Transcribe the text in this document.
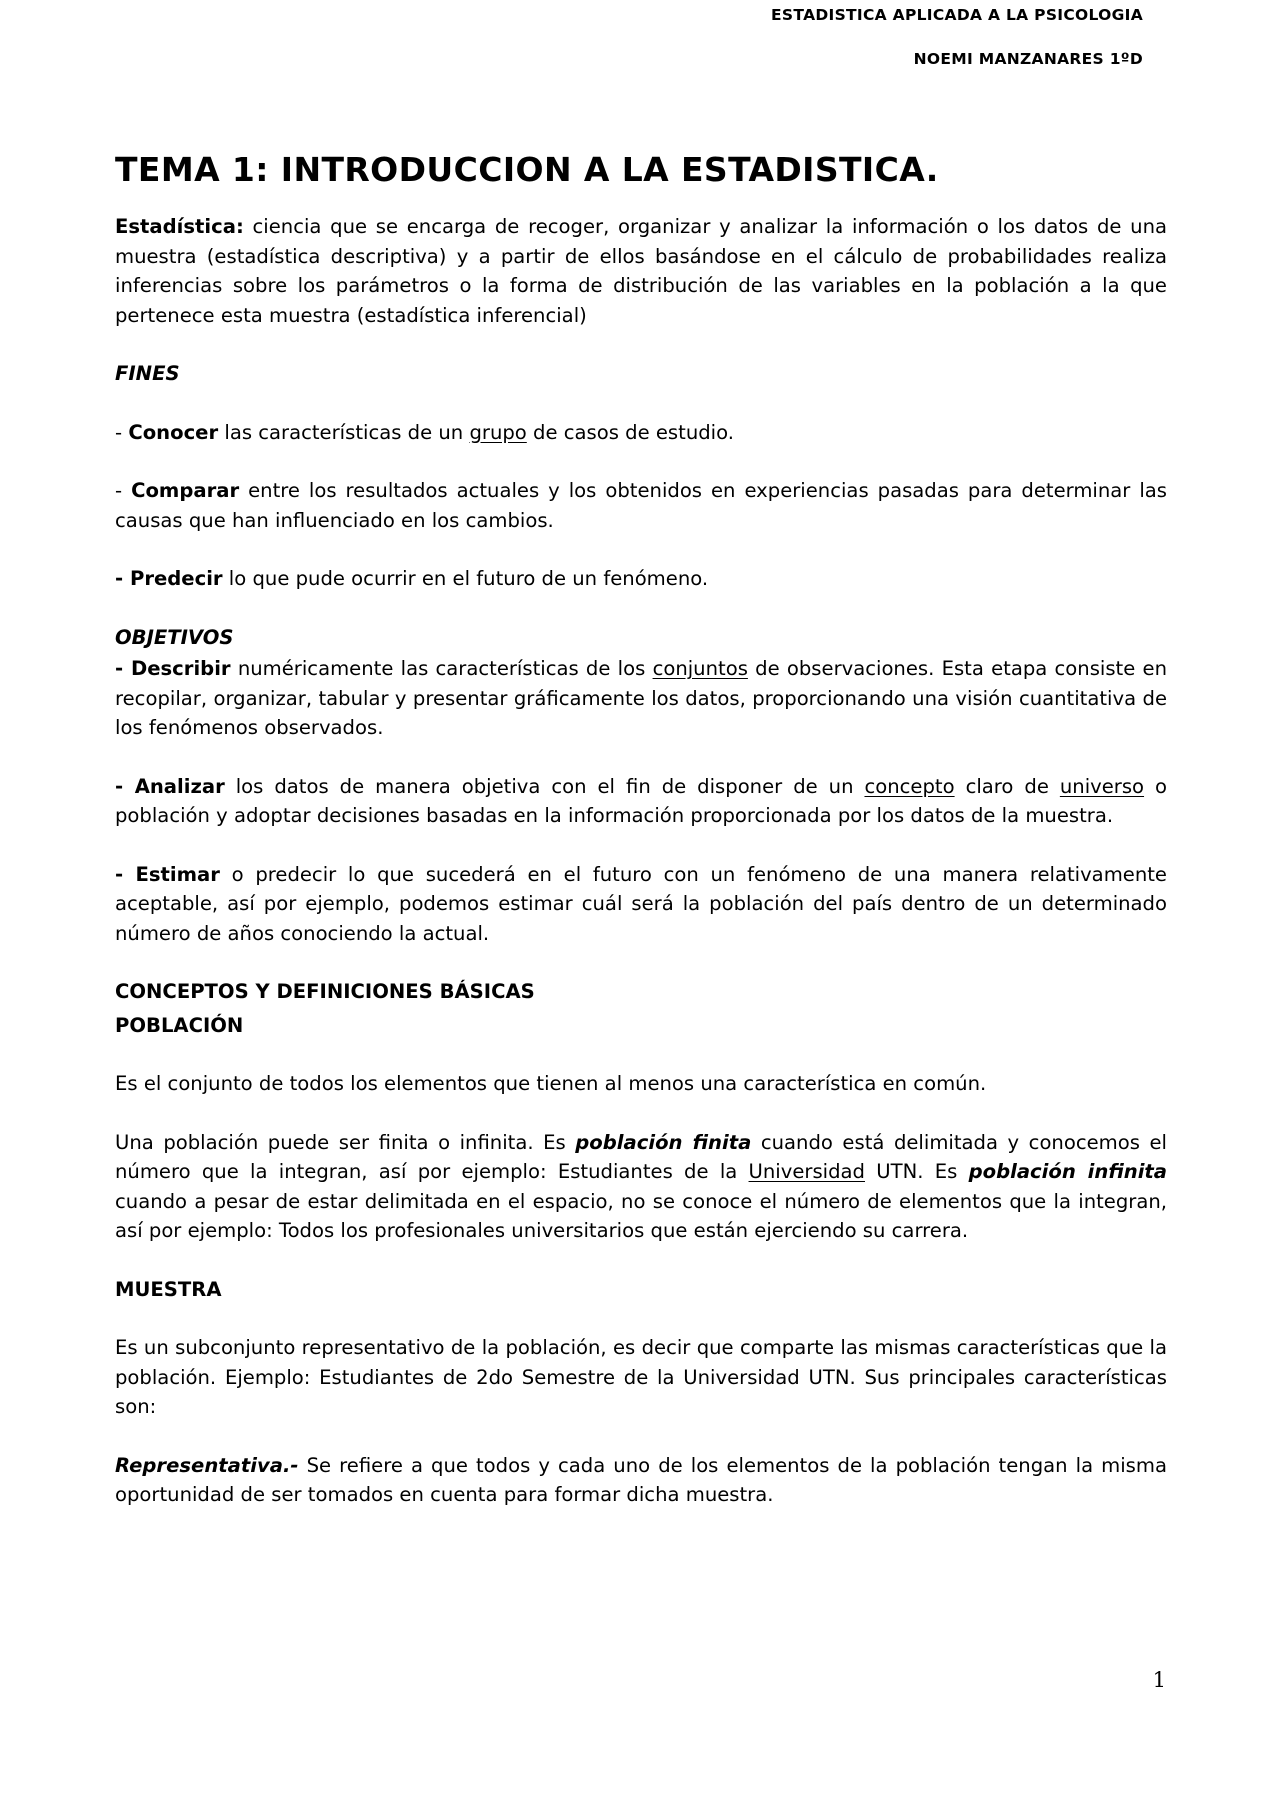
ESTADISTICA APLICADA A LA PSICOLOGIA
NOEMI MANZANARES 1ºD
TEMA 1: INTRODUCCION A LA ESTADISTICA.

Estadística: ciencia que se encarga de recoger, organizar y analizar la información o los datos de una muestra (estadística descriptiva) y a partir de ellos basándose en el cálculo de probabilidades realiza inferencias sobre los parámetros o la forma de distribución de las variables en la población a la que pertenece esta muestra (estadística inferencial)

FINES

- Conocer las características de un grupo de casos de estudio.

- Comparar entre los resultados actuales y los obtenidos en experiencias pasadas para determinar las causas que han influenciado en los cambios.

- Predecir lo que pude ocurrir en el futuro de un fenómeno.

OBJETIVOS

- Describir numéricamente las características de los conjuntos de observaciones. Esta etapa consiste en recopilar, organizar, tabular y presentar gráficamente los datos, proporcionando una visión cuantitativa de los fenómenos observados.

- Analizar los datos de manera objetiva con el fin de disponer de un concepto claro de universo o población y adoptar decisiones basadas en la información proporcionada por los datos de la muestra.

- Estimar o predecir lo que sucederá en el futuro con un fenómeno de una manera relativamente aceptable, así por ejemplo, podemos estimar cuál será la población del país dentro de un determinado número de años conociendo la actual.

CONCEPTOS Y DEFINICIONES BÁSICAS

POBLACIÓN

Es el conjunto de todos los elementos que tienen al menos una característica en común.

Una población puede ser finita o infinita. Es población finita cuando está delimitada y conocemos el número que la integran, así por ejemplo: Estudiantes de la Universidad UTN. Es población infinita cuando a pesar de estar delimitada en el espacio, no se conoce el número de elementos que la integran, así por ejemplo: Todos los profesionales universitarios que están ejerciendo su carrera.

MUESTRA

Es un subconjunto representativo de la población, es decir que comparte las mismas características que la población. Ejemplo: Estudiantes de 2do Semestre de la Universidad UTN. Sus principales características son:

Representativa.- Se refiere a que todos y cada uno de los elementos de la población tengan la misma oportunidad de ser tomados en cuenta para formar dicha muestra.

1
